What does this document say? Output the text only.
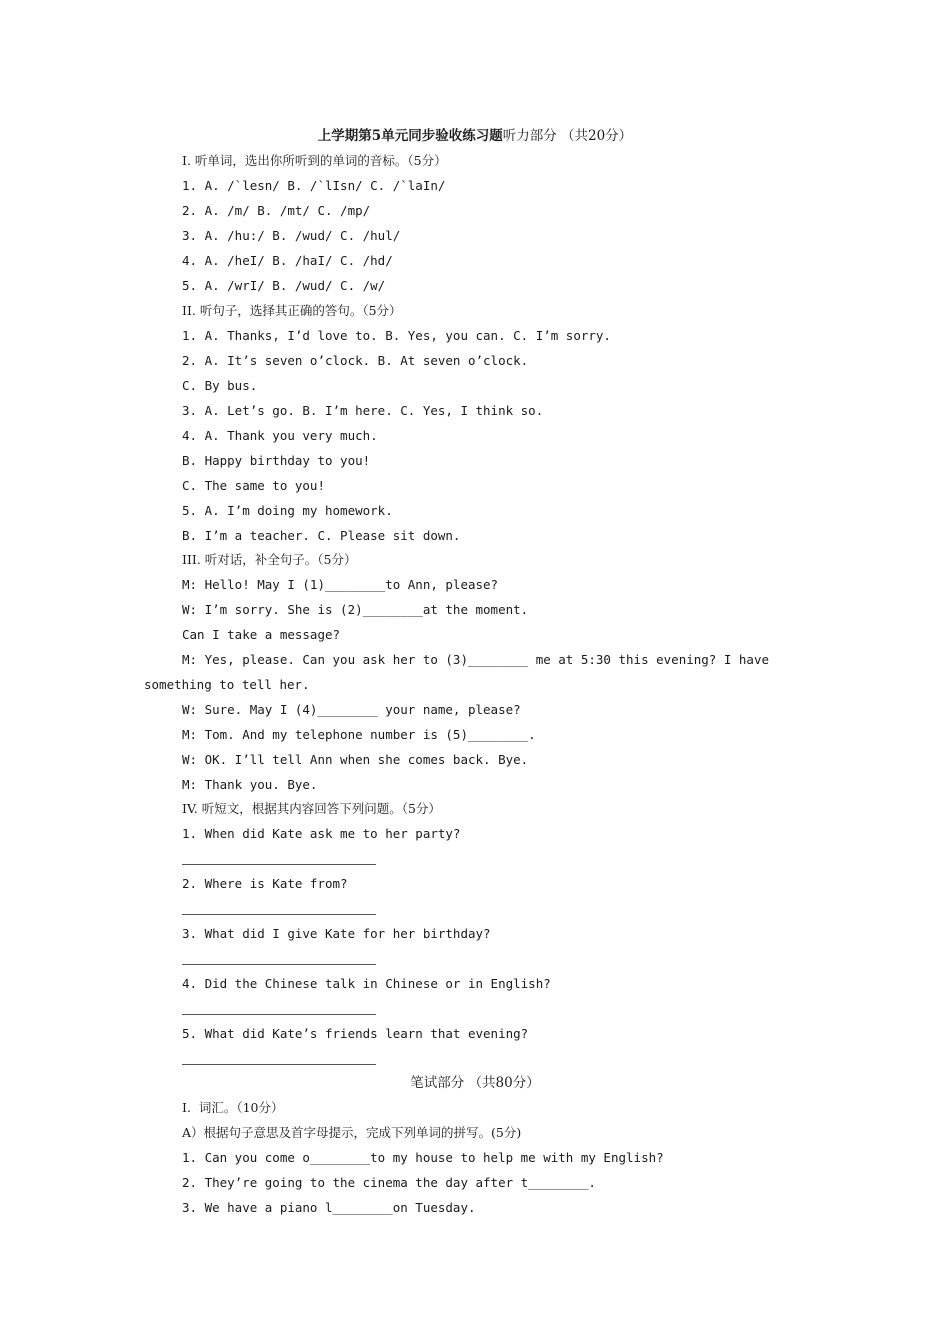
上学期第5单元同步验收练习题听力部分 （共20分）
I. 听单词，选出你所听到的单词的音标。（5分）
1. A. /`lesn/ B. /`lIsn/ C. /`laIn/
2. A. /m/ B. /mt/ C. /mp/
3. A. /hu:/ B. /wud/ C. /hul/
4. A. /heI/ B. /haI/ C. /hd/
5. A. /wrI/ B. /wud/ C. /w/
II. 听句子，选择其正确的答句。（5分）
1. A. Thanks, I’d love to. B. Yes, you can. C. I’m sorry.
2. A. It’s seven o’clock. B. At seven o’clock.
C. By bus.
3. A. Let’s go. B. I’m here. C. Yes, I think so.
4. A. Thank you very much.
B. Happy birthday to you!
C. The same to you!
5. A. I’m doing my homework.
B. I’m a teacher. C. Please sit down.
III. 听对话，补全句子。（5分）
M: Hello! May I (1)________to Ann, please?
W: I’m sorry. She is (2)________at the moment.
Can I take a message?
M: Yes, please. Can you ask her to (3)________ me at 5:30 this evening? I have
something to tell her.
W: Sure. May I (4)________ your name, please?
M: Tom. And my telephone number is (5)________.
W: OK. I’ll tell Ann when she comes back. Bye.
M: Thank you. Bye.
IV. 听短文，根据其内容回答下列问题。（5分）
1. When did Kate ask me to her party?
2. Where is Kate from?
3. What did I give Kate for her birthday?
4. Did the Chinese talk in Chinese or in English?
5. What did Kate’s friends learn that evening?
笔试部分 （共80分）
I.  词汇。（10分）
A）根据句子意思及首字母提示，完成下列单词的拼写。(5分)
1. Can you come o________to my house to help me with my English?
2. They’re going to the cinema the day after t________.
3. We have a piano l________on Tuesday.
